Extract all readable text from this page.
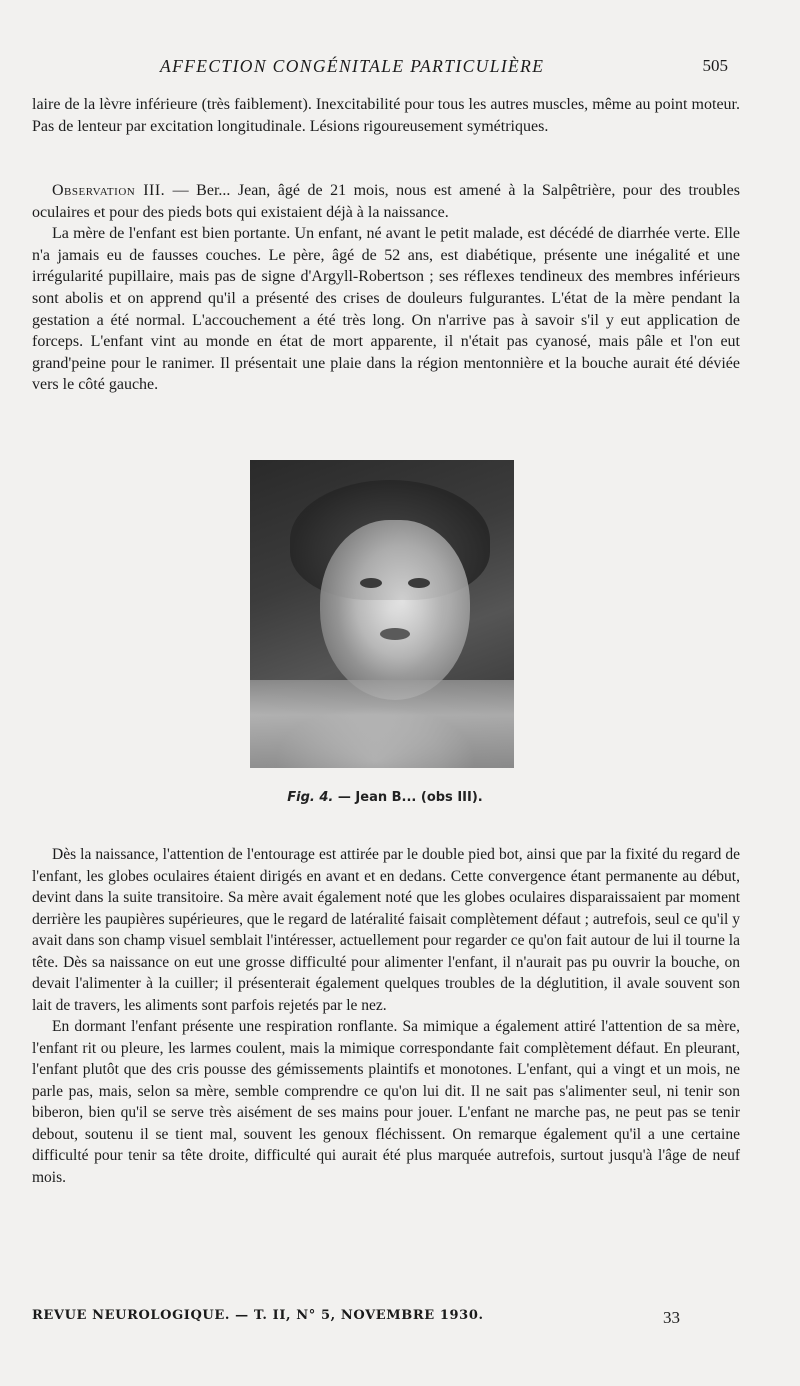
AFFECTION CONGÉNITALE PARTICULIÈRE	505

laire de la lèvre inférieure (très faiblement). Inexcitabilité pour tous les autres muscles, même au point moteur. Pas de lenteur par excitation longitudinale. Lésions rigoureusement symétriques.

Observation III. — Ber... Jean, âgé de 21 mois, nous est amené à la Salpêtrière, pour des troubles oculaires et pour des pieds bots qui existaient déjà à la naissance.

La mère de l'enfant est bien portante. Un enfant, né avant le petit malade, est décédé de diarrhée verte. Elle n'a jamais eu de fausses couches. Le père, âgé de 52 ans, est diabétique, présente une inégalité et une irrégularité pupillaire, mais pas de signe d'Argyll-Robertson ; ses réflexes tendineux des membres inférieurs sont abolis et on apprend qu'il a présenté des crises de douleurs fulgurantes. L'état de la mère pendant la gestation a été normal. L'accouchement a été très long. On n'arrive pas à savoir s'il y eut application de forceps. L'enfant vint au monde en état de mort apparente, il n'était pas cyanosé, mais pâle et l'on eut grand'peine pour le ranimer. Il présentait une plaie dans la région mentonnière et la bouche aurait été déviée vers le côté gauche.

Fig. 4. — Jean B... (obs III).

Dès la naissance, l'attention de l'entourage est attirée par le double pied bot, ainsi que par la fixité du regard de l'enfant, les globes oculaires étaient dirigés en avant et en dedans. Cette convergence étant permanente au début, devint dans la suite transitoire. Sa mère avait également noté que les globes oculaires disparaissaient par moment derrière les paupières supérieures, que le regard de latéralité faisait complètement défaut ; autrefois, seul ce qu'il y avait dans son champ visuel semblait l'intéresser, actuellement pour regarder ce qu'on fait autour de lui il tourne la tête. Dès sa naissance on eut une grosse difficulté pour alimenter l'enfant, il n'aurait pas pu ouvrir la bouche, on devait l'alimenter à la cuiller; il présenterait également quelques troubles de la déglutition, il avale souvent son lait de travers, les aliments sont parfois rejetés par le nez.

En dormant l'enfant présente une respiration ronflante. Sa mimique a également attiré l'attention de sa mère, l'enfant rit ou pleure, les larmes coulent, mais la mimique correspondante fait complètement défaut. En pleurant, l'enfant plutôt que des cris pousse des gémissements plaintifs et monotones. L'enfant, qui a vingt et un mois, ne parle pas, mais, selon sa mère, semble comprendre ce qu'on lui dit. Il ne sait pas s'alimenter seul, ni tenir son biberon, bien qu'il se serve très aisément de ses mains pour jouer. L'enfant ne marche pas, ne peut pas se tenir debout, soutenu il se tient mal, souvent les genoux fléchissent. On remarque également qu'il a une certaine difficulté pour tenir sa tête droite, difficulté qui aurait été plus marquée autrefois, surtout jusqu'à l'âge de neuf mois.

REVUE NEUROLOGIQUE. — T. II, N° 5, NOVEMBRE 1930.	33
